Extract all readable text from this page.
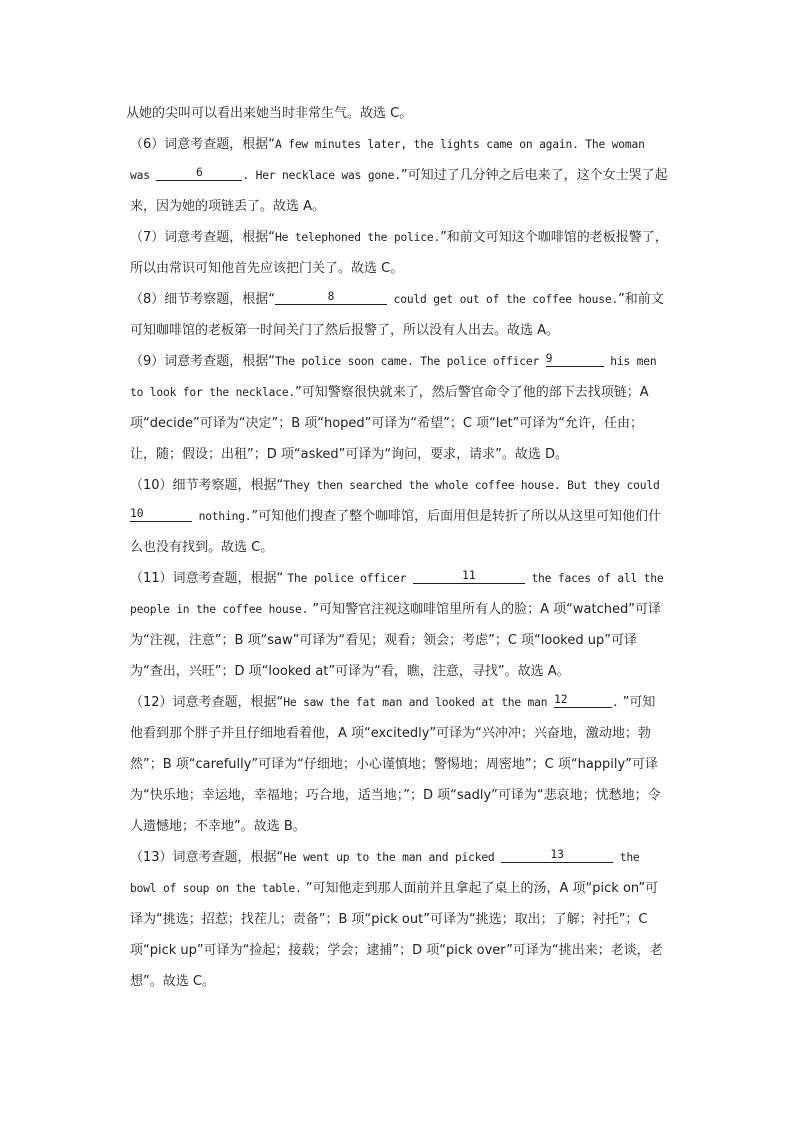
从她的尖叫可以看出来她当时非常生气。故选 C。

（6）词意考查题，根据“A few minutes later, the lights came on again. The woman was	6	. Her necklace was gone.”可知过了几分钟之后电来了，这个女士哭了起来，因为她的项链丢了。故选 A。

（7）词意考查题，根据“He telephoned the police.”和前文可知这个咖啡馆的老板报警了，所以由常识可知他首先应该把门关了。故选 C。

（8）细节考察题，根据“	8	could get out of the coffee house.”和前文可知咖啡馆的老板第一时间关门了然后报警了，所以没有人出去。故选 A。

（9）词意考查题，根据“The police soon came. The police officer 9	his men to look for the necklace.”可知警察很快就来了，然后警官命令了他的部下去找项链；A 项“decide”可译为“决定”；B 项“hoped”可译为“希望”；C 项“let”可译为“允许，任由；让，随；假设；出租”；D 项“asked”可译为“询问，要求，请求”。故选 D。

（10）细节考察题，根据“They then searched the whole coffee house. But they could 10	nothing.”可知他们搜查了整个咖啡馆，后面用但是转折了所以从这里可知他们什么也没有找到。故选 C。

（11）词意考查题，根据“ The police officer	11	the faces of all the people in the coffee house. ”可知警官注视这咖啡馆里所有人的脸；A 项“watched”可译为“注视，注意”；B 项“saw”可译为“看见；观看；领会；考虑”；C 项“looked up”可译为“查出，兴旺”；D 项“looked at”可译为“看，瞧，注意，寻找”。故选 A。

（12）词意考查题，根据“He saw the fat man and looked at the man 12	. ”可知他看到那个胖子并且仔细地看着他，A 项“excitedly”可译为“兴冲冲；兴奋地，激动地；勃然”；B 项“carefully”可译为“仔细地；小心谨慎地；警惕地；周密地”；C 项“happily”可译为“快乐地；幸运地，幸福地；巧合地，适当地；”；D 项“sadly”可译为“悲哀地；忧愁地；令人遗憾地；不幸地”。故选 B。

（13）词意考查题，根据“He went up to the man and picked	13	the bowl of soup on the table. ”可知他走到那人面前并且拿起了桌上的汤，A 项“pick on”可译为“挑选；招惹；找茬儿；责备”；B 项“pick out”可译为“挑选；取出；了解；衬托”；C 项“pick up”可译为“捡起；接载；学会；逮捕”；D 项“pick over”可译为“挑出来；老谈，老想”。故选 C。
